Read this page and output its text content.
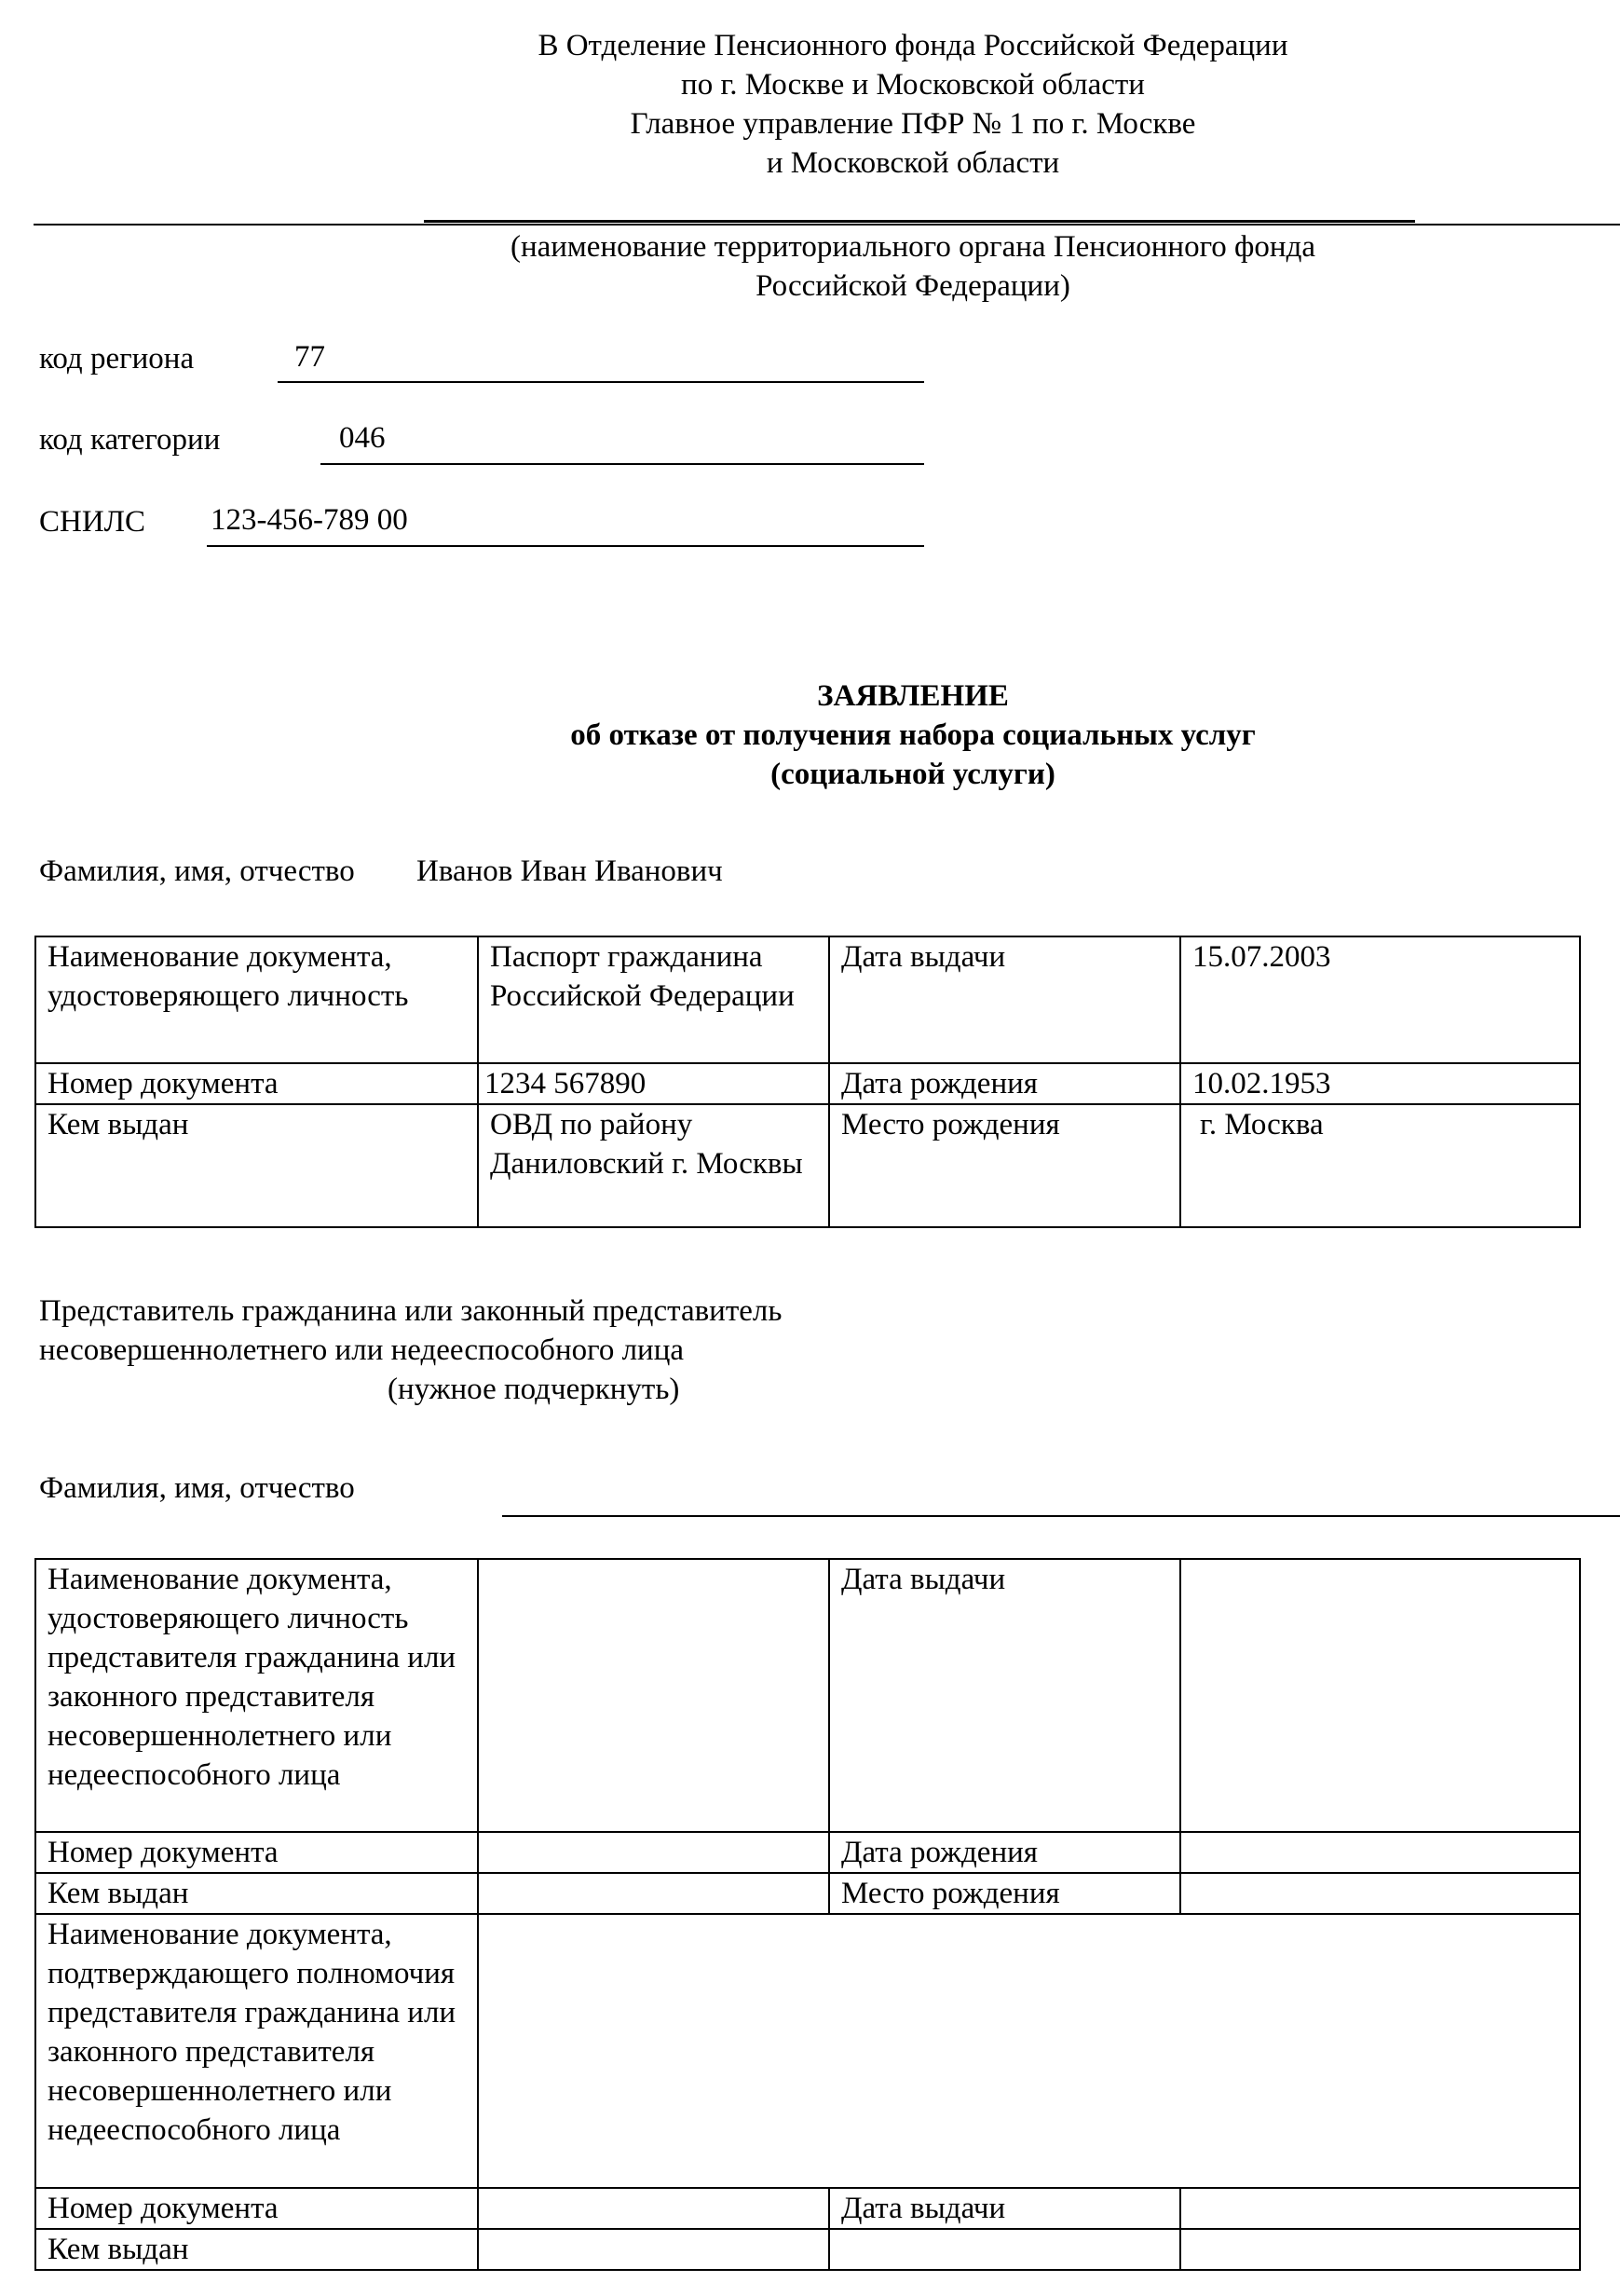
В Отделение Пенсионного фонда Российской Федерации
по г. Москве и Московской области
Главное управление ПФР № 1 по г. Москве
и Московской области
(наименование территориального органа Пенсионного фонда
Российской Федерации)
код региона	77
код категории	046
СНИЛС 123-456-789 00
ЗАЯВЛЕНИЕ
об отказе от получения набора социальных услуг
(социальной услуги)
Фамилия, имя, отчество Иванов Иван Иванович
Наименование документа, удостоверяющего личность	Паспорт гражданина Российской Федерации	Дата выдачи	15.07.2003
Номер документа	1234 567890	Дата рождения	10.02.1953
Кем выдан	ОВД по району Даниловский г. Москвы	Место рождения	г. Москва
Представитель гражданина или законный представитель
несовершеннолетнего или недееспособного лица
(нужное подчеркнуть)
Фамилия, имя, отчество
Наименование документа, удостоверяющего личность представителя гражданина или законного представителя несовершеннолетнего или недееспособного лица		Дата выдачи	
Номер документа		Дата рождения	
Кем выдан		Место рождения	
Наименование документа, подтверждающего полномочия представителя гражданина или законного представителя несовершеннолетнего или недееспособного лица			
Номер документа		Дата выдачи	
Кем выдан			
